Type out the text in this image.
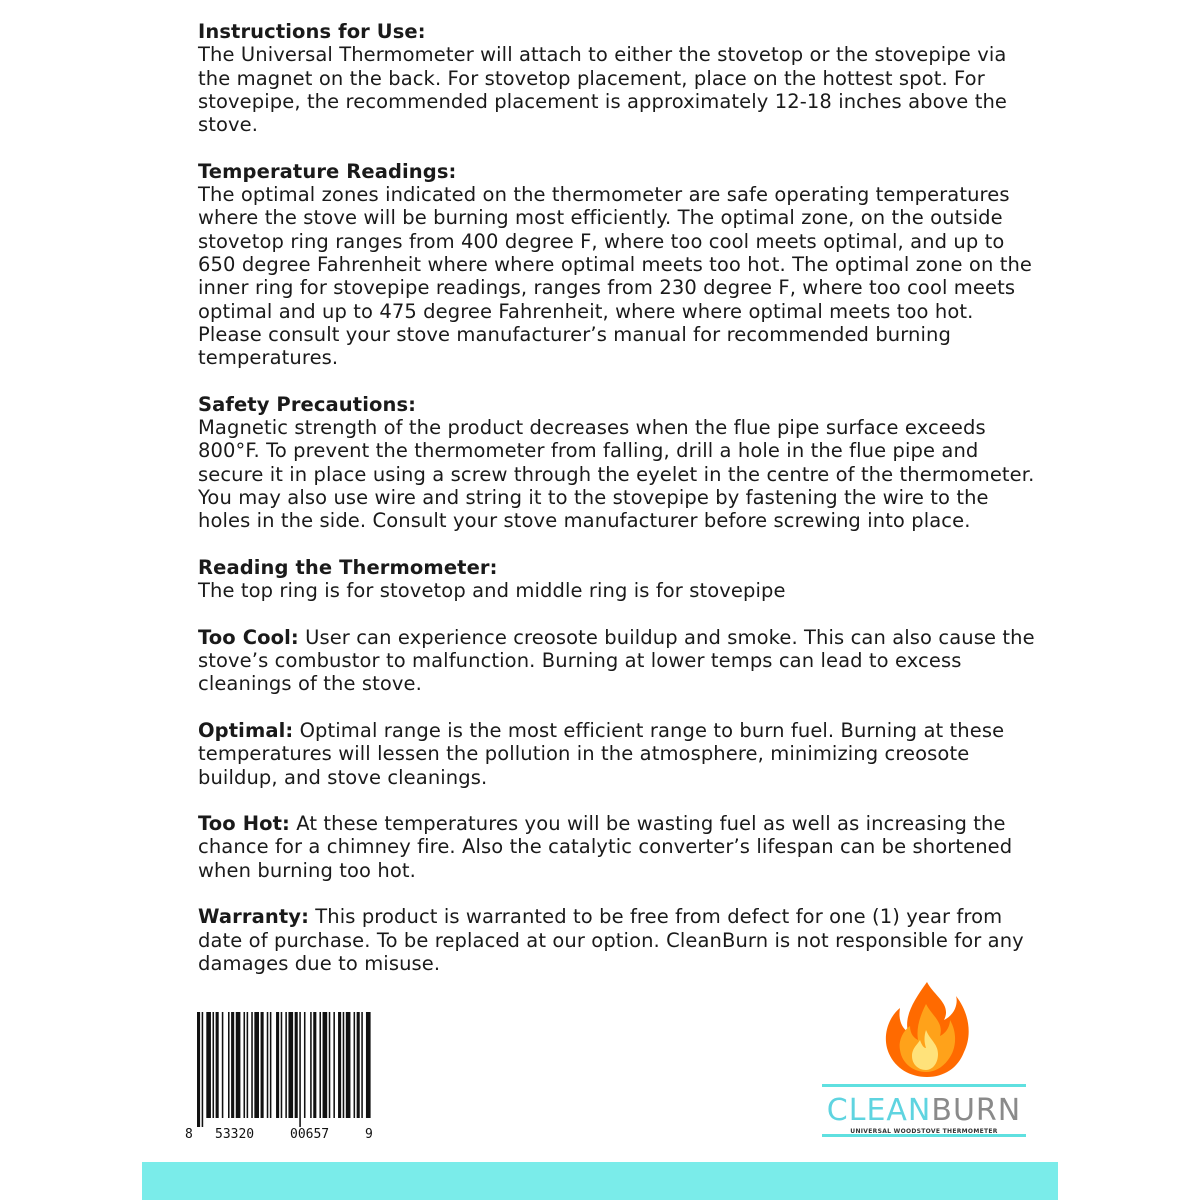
Instructions for Use:
The Universal Thermometer will attach to either the stovetop or the stovepipe via the magnet on the back. For stovetop placement, place on the hottest spot. For stovepipe, the recommended placement is approximately 12-18 inches above the stove.
Temperature Readings:
The optimal zones indicated on the thermometer are safe operating temperatures where the stove will be burning most efficiently. The optimal zone, on the outside stovetop ring ranges from 400 degree F, where too cool meets optimal, and up to 650 degree Fahrenheit where where optimal meets too hot. The optimal zone on the inner ring for stovepipe readings, ranges from 230 degree F, where too cool meets optimal and up to 475 degree Fahrenheit, where where optimal meets too hot. Please consult your stove manufacturer’s manual for recommended burning temperatures.
Safety Precautions:
Magnetic strength of the product decreases when the flue pipe surface exceeds 800°F. To prevent the thermometer from falling, drill a hole in the flue pipe and secure it in place using a screw through the eyelet in the centre of the thermometer. You may also use wire and string it to the stovepipe by fastening the wire to the holes in the side. Consult your stove manufacturer before screwing into place.
Reading the Thermometer:
The top ring is for stovetop and middle ring is for stovepipe
Too Cool: User can experience creosote buildup and smoke. This can also cause the stove’s combustor to malfunction. Burning at lower temps can lead to excess cleanings of the stove.
Optimal: Optimal range is the most efficient range to burn fuel. Burning at these temperatures will lessen the pollution in the atmosphere, minimizing creosote buildup, and stove cleanings.
Too Hot: At these temperatures you will be wasting fuel as well as increasing the chance for a chimney fire. Also the catalytic converter’s lifespan can be shortened when burning too hot.
Warranty: This product is warranted to be free from defect for one (1) year from date of purchase. To be replaced at our option. CleanBurn is not responsible for any damages due to misuse.
8 53320	00657	9
CLEANBURN
UNIVERSAL WOODSTOVE THERMOMETER
